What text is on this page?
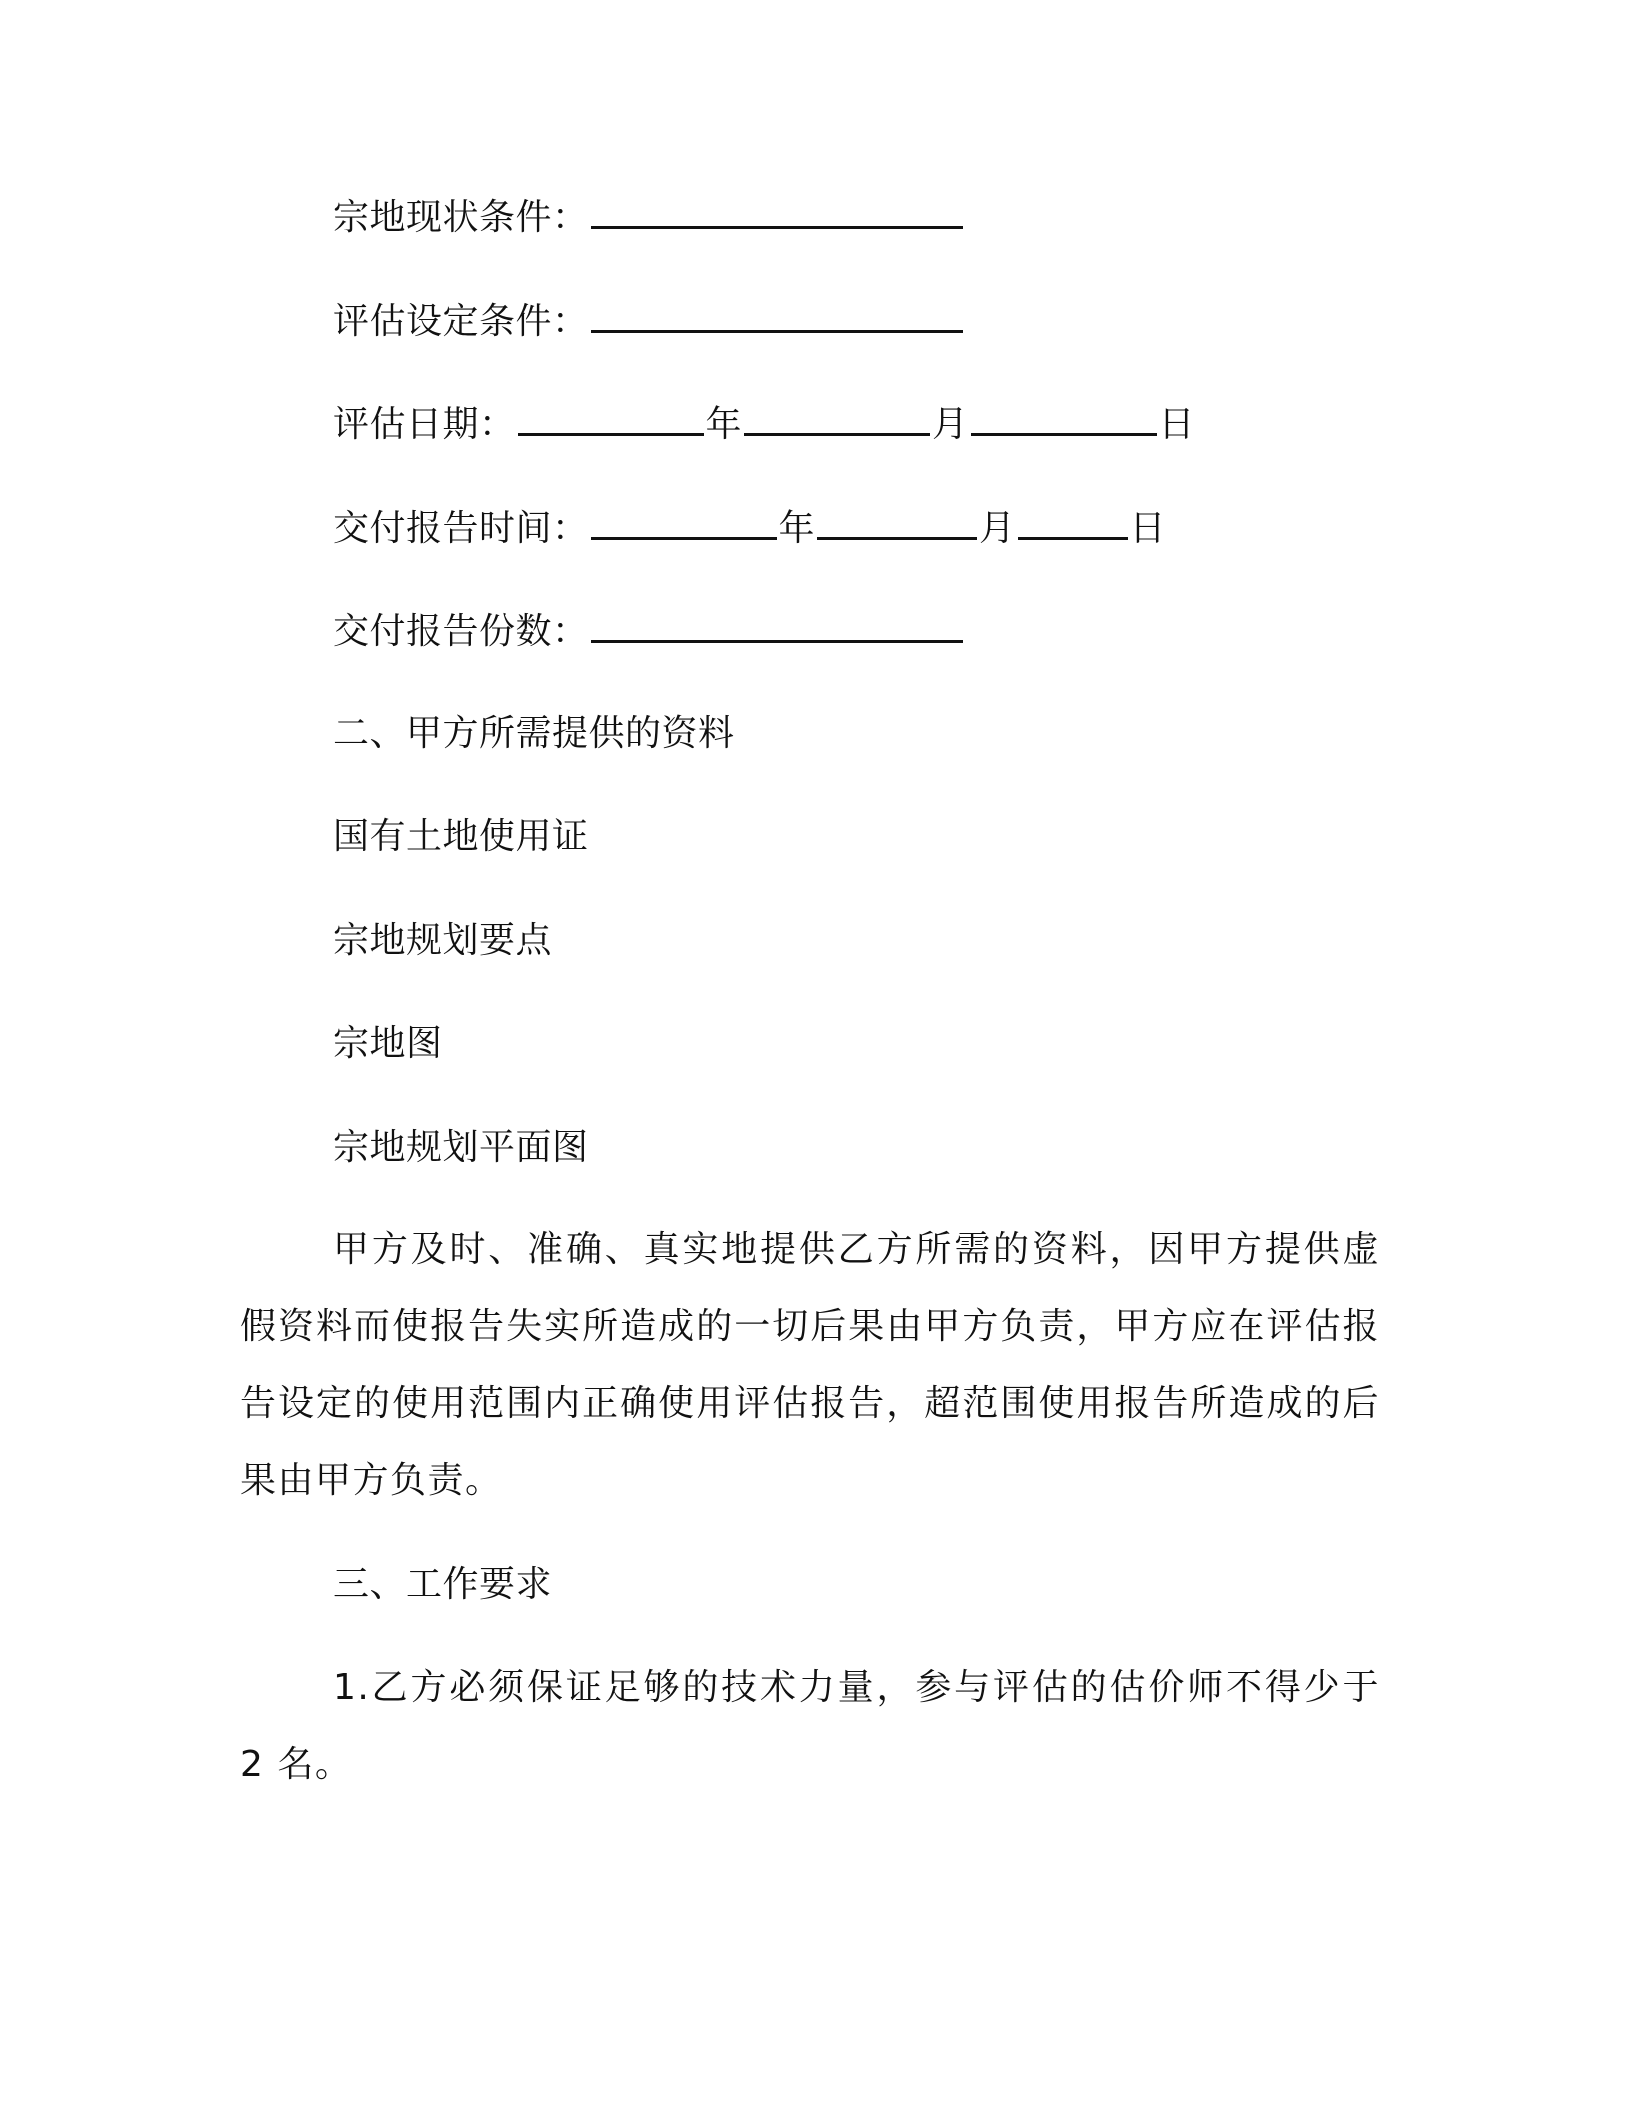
宗地现状条件：
评估设定条件：
评估日期：	年	月	日
交付报告时间：	年	月	日
交付报告份数：
二、甲方所需提供的资料
国有土地使用证
宗地规划要点
宗地图
宗地规划平面图

甲方及时、准确、真实地提供乙方所需的资料，因甲方提供虚假资料而使报告失实所造成的一切后果由甲方负责，甲方应在评估报告设定的使用范围内正确使用评估报告，超范围使用报告所造成的后果由甲方负责。

三、工作要求

1.乙方必须保证足够的技术力量，参与评估的估价师不得少于 2 名。
